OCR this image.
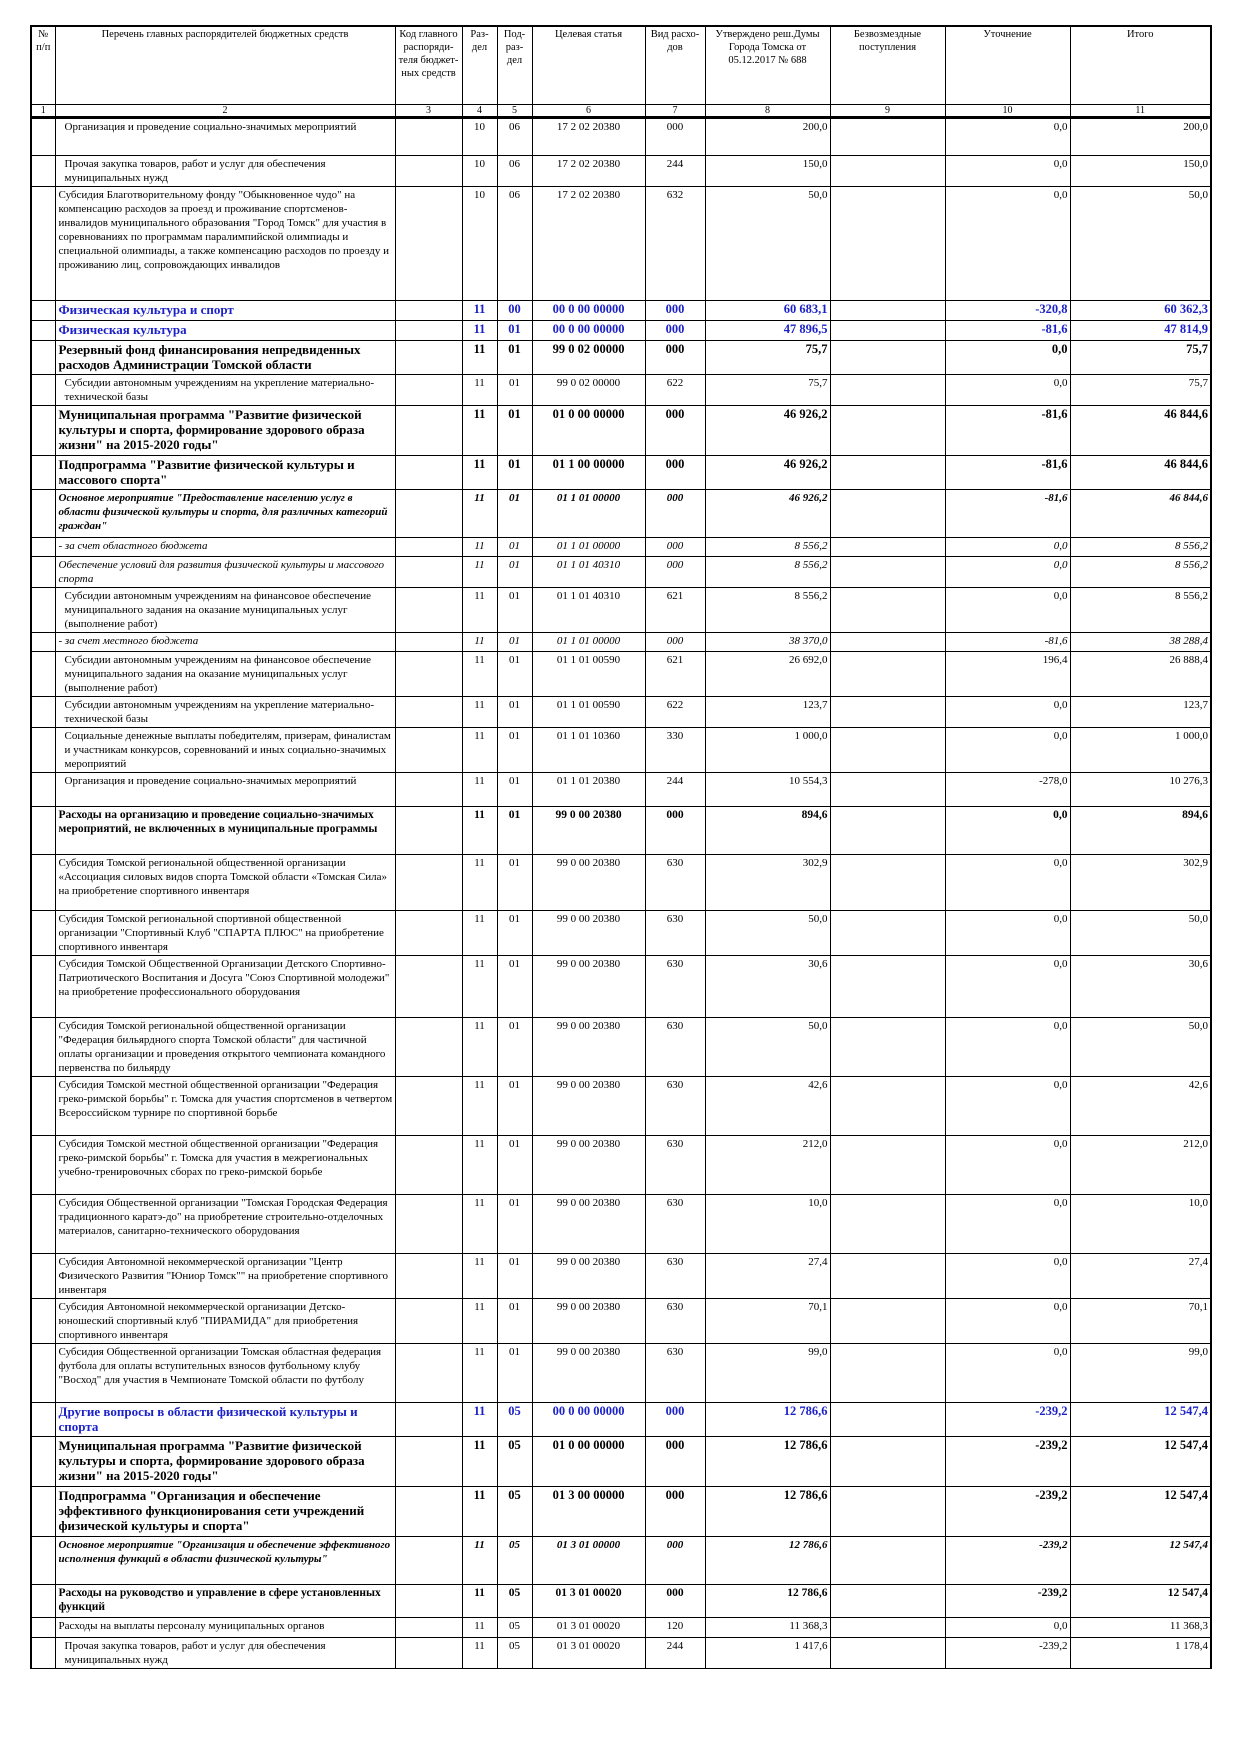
№ п/п	Перечень главных распорядителей бюджетных средств	Код главного распоряди-теля бюджет-ных средств	Раз-дел	Под-раз-дел	Целевая статья	Вид расхо-дов	Утверждено реш.Думы Города Томска от 05.12.2017 № 688	Безвозмездные поступления	Уточнение	Итого
1	2	3	4	5	6	7	8	9	10	11
	Организация и проведение социально-значимых мероприятий		10	06	17 2 02 20380	000	200,0		0,0	200,0
	Прочая закупка товаров, работ и услуг для обеспечения муниципальных нужд		10	06	17 2 02 20380	244	150,0		0,0	150,0
	Субсидия Благотворительному фонду "Обыкновенное чудо" на компенсацию расходов за проезд и проживание спортсменов-инвалидов муниципального образования "Город Томск" для участия в соревнованиях по программам паралимпийской олимпиады и специальной олимпиады, а также компенсацию расходов по проезду и проживанию лиц, сопровождающих инвалидов		10	06	17 2 02 20380	632	50,0		0,0	50,0
	Физическая культура и спорт		11	00	00 0 00 00000	000	60 683,1		-320,8	60 362,3
	Физическая культура		11	01	00 0 00 00000	000	47 896,5		-81,6	47 814,9
	Резервный фонд финансирования непредвиденных расходов Администрации Томской области		11	01	99 0 02 00000	000	75,7		0,0	75,7
	Субсидии автономным учреждениям на укрепление материально-технической базы		11	01	99 0 02 00000	622	75,7		0,0	75,7
	Муниципальная программа "Развитие физической культуры и спорта, формирование здорового образа жизни" на 2015-2020 годы"		11	01	01 0 00 00000	000	46 926,2		-81,6	46 844,6
	Подпрограмма "Развитие физической культуры и массового спорта"		11	01	01 1 00 00000	000	46 926,2		-81,6	46 844,6
	Основное мероприятие "Предоставление населению услуг в области физической культуры и спорта, для различных категорий граждан"		11	01	01 1 01 00000	000	46 926,2		-81,6	46 844,6
	- за счет областного бюджета		11	01	01 1 01 00000	000	8 556,2		0,0	8 556,2
	Обеспечение условий для развития физической культуры и массового спорта		11	01	01 1 01 40310	000	8 556,2		0,0	8 556,2
	Субсидии автономным учреждениям на финансовое обеспечение муниципального задания на оказание муниципальных услуг (выполнение работ)		11	01	01 1 01 40310	621	8 556,2		0,0	8 556,2
	- за счет местного бюджета		11	01	01 1 01 00000	000	38 370,0		-81,6	38 288,4
	Субсидии автономным учреждениям на финансовое обеспечение муниципального задания на оказание муниципальных услуг (выполнение работ)		11	01	01 1 01 00590	621	26 692,0		196,4	26 888,4
	Субсидии автономным учреждениям на укрепление материально-технической базы		11	01	01 1 01 00590	622	123,7		0,0	123,7
	Социальные денежные выплаты победителям, призерам, финалистам и участникам конкурсов, соревнований и иных социально-значимых мероприятий		11	01	01 1 01 10360	330	1 000,0		0,0	1 000,0
	Организация и проведение социально-значимых мероприятий		11	01	01 1 01 20380	244	10 554,3		-278,0	10 276,3
	Расходы на организацию и проведение социально-значимых мероприятий, не включенных в муниципальные программы		11	01	99 0 00 20380	000	894,6		0,0	894,6
	Субсидия Томской региональной общественной организации «Ассоциация силовых видов спорта Томской области «Томская Сила» на приобретение спортивного инвентаря		11	01	99 0 00 20380	630	302,9		0,0	302,9
	Субсидия Томской региональной спортивной общественной организации "Спортивный Клуб "СПАРТА ПЛЮС" на приобретение спортивного инвентаря		11	01	99 0 00 20380	630	50,0		0,0	50,0
	Субсидия Томской Общественной Организации Детского Спортивно-Патриотического Воспитания и Досуга "Союз Спортивной молодежи" на приобретение профессионального оборудования		11	01	99 0 00 20380	630	30,6		0,0	30,6
	Субсидия Томской региональной общественной организации "Федерация бильярдного спорта Томской области" для частичной оплаты организации и проведения открытого чемпионата командного первенства по бильярду		11	01	99 0 00 20380	630	50,0		0,0	50,0
	Субсидия Томской местной общественной организации "Федерация греко-римской борьбы" г. Томска для участия спортсменов в четвертом Всероссийском турнире по спортивной борьбе		11	01	99 0 00 20380	630	42,6		0,0	42,6
	Субсидия Томской местной общественной организации "Федерация греко-римской борьбы" г. Томска для участия в межрегиональных учебно-тренировочных сборах по греко-римской борьбе		11	01	99 0 00 20380	630	212,0		0,0	212,0
	Субсидия Общественной организации "Томская Городская Федерация традиционного каратэ-до" на приобретение строительно-отделочных материалов, санитарно-технического оборудования		11	01	99 0 00 20380	630	10,0		0,0	10,0
	Субсидия Автономной некоммерческой организации "Центр Физического Развития "Юниор Томск"" на приобретение спортивного инвентаря		11	01	99 0 00 20380	630	27,4		0,0	27,4
	Субсидия Автономной некоммерческой организации Детско-юношеский спортивный клуб "ПИРАМИДА" для приобретения спортивного инвентаря		11	01	99 0 00 20380	630	70,1		0,0	70,1
	Субсидия Общественной организации Томская областная федерация футбола для оплаты вступительных взносов футбольному клубу "Восход" для участия в Чемпионате Томской области по футболу		11	01	99 0 00 20380	630	99,0		0,0	99,0
	Другие вопросы в области физической культуры и спорта		11	05	00 0 00 00000	000	12 786,6		-239,2	12 547,4
	Муниципальная программа "Развитие физической культуры и спорта, формирование здорового образа жизни" на 2015-2020 годы"		11	05	01 0 00 00000	000	12 786,6		-239,2	12 547,4
	Подпрограмма "Организация и обеспечение эффективного функционирования сети учреждений физической культуры и спорта"		11	05	01 3 00 00000	000	12 786,6		-239,2	12 547,4
	Основное мероприятие "Организация и обеспечение эффективного исполнения функций в области физической культуры"		11	05	01 3 01 00000	000	12 786,6		-239,2	12 547,4
	Расходы на руководство и управление в сфере установленных функций		11	05	01 3 01 00020	000	12 786,6		-239,2	12 547,4
	Расходы на выплаты персоналу муниципальных органов		11	05	01 3 01 00020	120	11 368,3		0,0	11 368,3
	Прочая закупка товаров, работ и услуг для обеспечения муниципальных нужд		11	05	01 3 01 00020	244	1 417,6		-239,2	1 178,4
